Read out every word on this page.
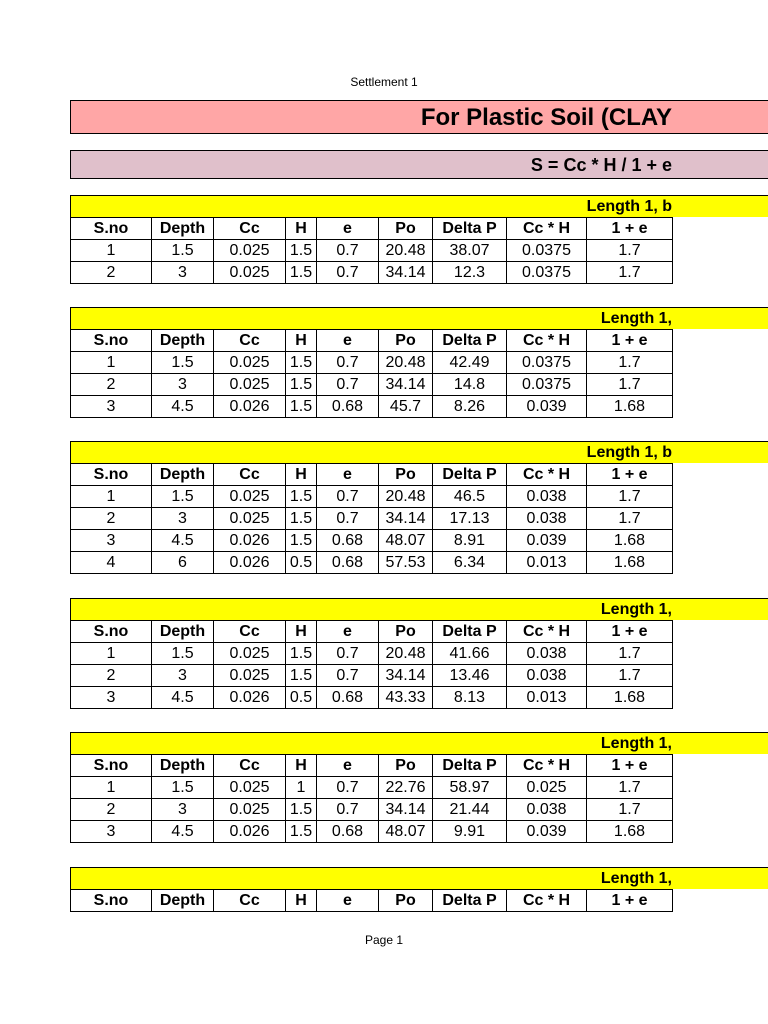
Settlement 1
For Plastic Soil (CLAY
S = Cc * H / 1 + e
Length 1, b
S.no	Depth	Cc	H	e	Po	Delta P	Cc * H	1 + e
1	1.5	0.025	1.5	0.7	20.48	38.07	0.0375	1.7
2	3	0.025	1.5	0.7	34.14	12.3	0.0375	1.7
Length 1,
S.no	Depth	Cc	H	e	Po	Delta P	Cc * H	1 + e
1	1.5	0.025	1.5	0.7	20.48	42.49	0.0375	1.7
2	3	0.025	1.5	0.7	34.14	14.8	0.0375	1.7
3	4.5	0.026	1.5	0.68	45.7	8.26	0.039	1.68
Length 1, b
S.no	Depth	Cc	H	e	Po	Delta P	Cc * H	1 + e
1	1.5	0.025	1.5	0.7	20.48	46.5	0.038	1.7
2	3	0.025	1.5	0.7	34.14	17.13	0.038	1.7
3	4.5	0.026	1.5	0.68	48.07	8.91	0.039	1.68
4	6	0.026	0.5	0.68	57.53	6.34	0.013	1.68
Length 1,
S.no	Depth	Cc	H	e	Po	Delta P	Cc * H	1 + e
1	1.5	0.025	1.5	0.7	20.48	41.66	0.038	1.7
2	3	0.025	1.5	0.7	34.14	13.46	0.038	1.7
3	4.5	0.026	0.5	0.68	43.33	8.13	0.013	1.68
Length 1,
S.no	Depth	Cc	H	e	Po	Delta P	Cc * H	1 + e
1	1.5	0.025	1	0.7	22.76	58.97	0.025	1.7
2	3	0.025	1.5	0.7	34.14	21.44	0.038	1.7
3	4.5	0.026	1.5	0.68	48.07	9.91	0.039	1.68
Length 1,
S.no	Depth	Cc	H	e	Po	Delta P	Cc * H	1 + e
Page 1
